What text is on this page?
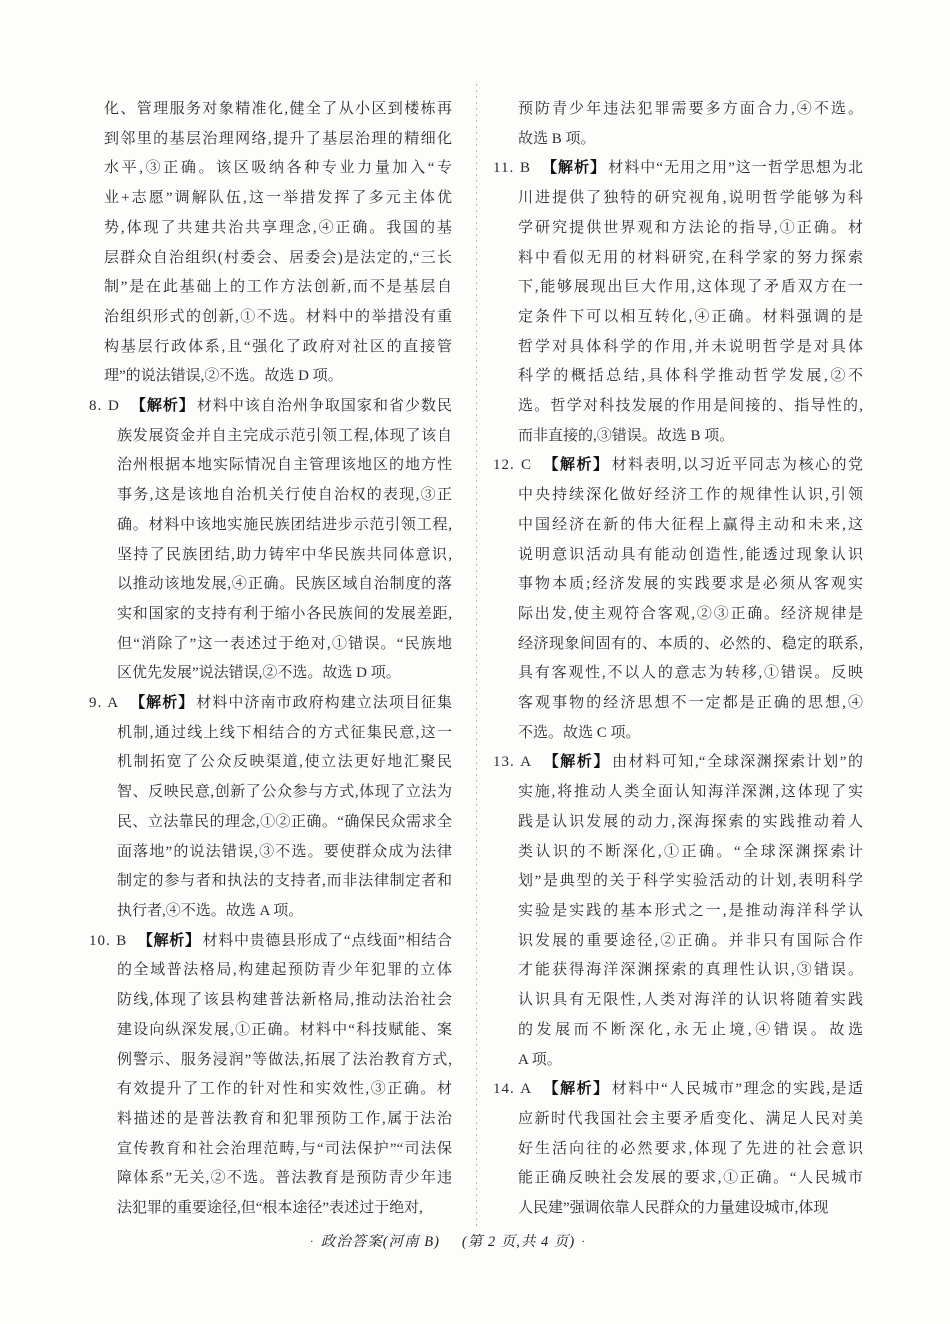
化、管理服务对象精准化,健全了从小区到楼栋再
到邻里的基层治理网络,提升了基层治理的精细化
水平,③正确。该区吸纳各种专业力量加入“专
业+志愿”调解队伍,这一举措发挥了多元主体优
势,体现了共建共治共享理念,④正确。我国的基
层群众自治组织(村委会、居委会)是法定的,“三长
制”是在此基础上的工作方法创新,而不是基层自
治组织形式的创新,①不选。材料中的举措没有重
构基层行政体系,且“强化了政府对社区的直接管
理”的说法错误,②不选。故选 D 项。
8. D 【解析】 材料中该自治州争取国家和省少数民
族发展资金并自主完成示范引领工程,体现了该自
治州根据本地实际情况自主管理该地区的地方性
事务,这是该地自治机关行使自治权的表现,③正
确。材料中该地实施民族团结进步示范引领工程,
坚持了民族团结,助力铸牢中华民族共同体意识,
以推动该地发展,④正确。民族区域自治制度的落
实和国家的支持有利于缩小各民族间的发展差距,
但“消除了”这一表述过于绝对,①错误。“民族地
区优先发展”说法错误,②不选。故选 D 项。
9. A 【解析】 材料中济南市政府构建立法项目征集
机制,通过线上线下相结合的方式征集民意,这一
机制拓宽了公众反映渠道,使立法更好地汇聚民
智、反映民意,创新了公众参与方式,体现了立法为
民、立法靠民的理念,①②正确。“确保民众需求全
面落地”的说法错误,③不选。要使群众成为法律
制定的参与者和执法的支持者,而非法律制定者和
执行者,④不选。故选 A 项。
10. B 【解析】 材料中贵德县形成了“点线面”相结合
的全域普法格局,构建起预防青少年犯罪的立体
防线,体现了该县构建普法新格局,推动法治社会
建设向纵深发展,①正确。材料中“科技赋能、案
例警示、服务浸润”等做法,拓展了法治教育方式,
有效提升了工作的针对性和实效性,③正确。材
料描述的是普法教育和犯罪预防工作,属于法治
宣传教育和社会治理范畴,与“司法保护”“司法保
障体系”无关,②不选。普法教育是预防青少年违
法犯罪的重要途径,但“根本途径”表述过于绝对,
预防青少年违法犯罪需要多方面合力,④不选。
故选 B 项。
11. B 【解析】 材料中“无用之用”这一哲学思想为北
川进提供了独特的研究视角,说明哲学能够为科
学研究提供世界观和方法论的指导,①正确。材
料中看似无用的材料研究,在科学家的努力探索
下,能够展现出巨大作用,这体现了矛盾双方在一
定条件下可以相互转化,④正确。材料强调的是
哲学对具体科学的作用,并未说明哲学是对具体
科学的概括总结,具体科学推动哲学发展,②不
选。哲学对科技发展的作用是间接的、指导性的,
而非直接的,③错误。故选 B 项。
12. C 【解析】 材料表明,以习近平同志为核心的党
中央持续深化做好经济工作的规律性认识,引领
中国经济在新的伟大征程上赢得主动和未来,这
说明意识活动具有能动创造性,能透过现象认识
事物本质;经济发展的实践要求是必须从客观实
际出发,使主观符合客观,②③正确。经济规律是
经济现象间固有的、本质的、必然的、稳定的联系,
具有客观性,不以人的意志为转移,①错误。反映
客观事物的经济思想不一定都是正确的思想,④
不选。故选 C 项。
13. A 【解析】 由材料可知,“全球深渊探索计划”的
实施,将推动人类全面认知海洋深渊,这体现了实
践是认识发展的动力,深海探索的实践推动着人
类认识的不断深化,①正确。“全球深渊探索计
划”是典型的关于科学实验活动的计划,表明科学
实验是实践的基本形式之一,是推动海洋科学认
识发展的重要途径,②正确。并非只有国际合作
才能获得海洋深渊探索的真理性认识,③错误。
认识具有无限性,人类对海洋的认识将随着实践
的发展而不断深化,永无止境,④错误。故选
A 项。
14. A 【解析】 材料中“人民城市”理念的实践,是适
应新时代我国社会主要矛盾变化、满足人民对美
好生活向往的必然要求,体现了先进的社会意识
能正确反映社会发展的要求,①正确。“人民城市
人民建”强调依靠人民群众的力量建设城市,体现
· 政治答案(河南 B) (第 2 页,共 4 页) ·
